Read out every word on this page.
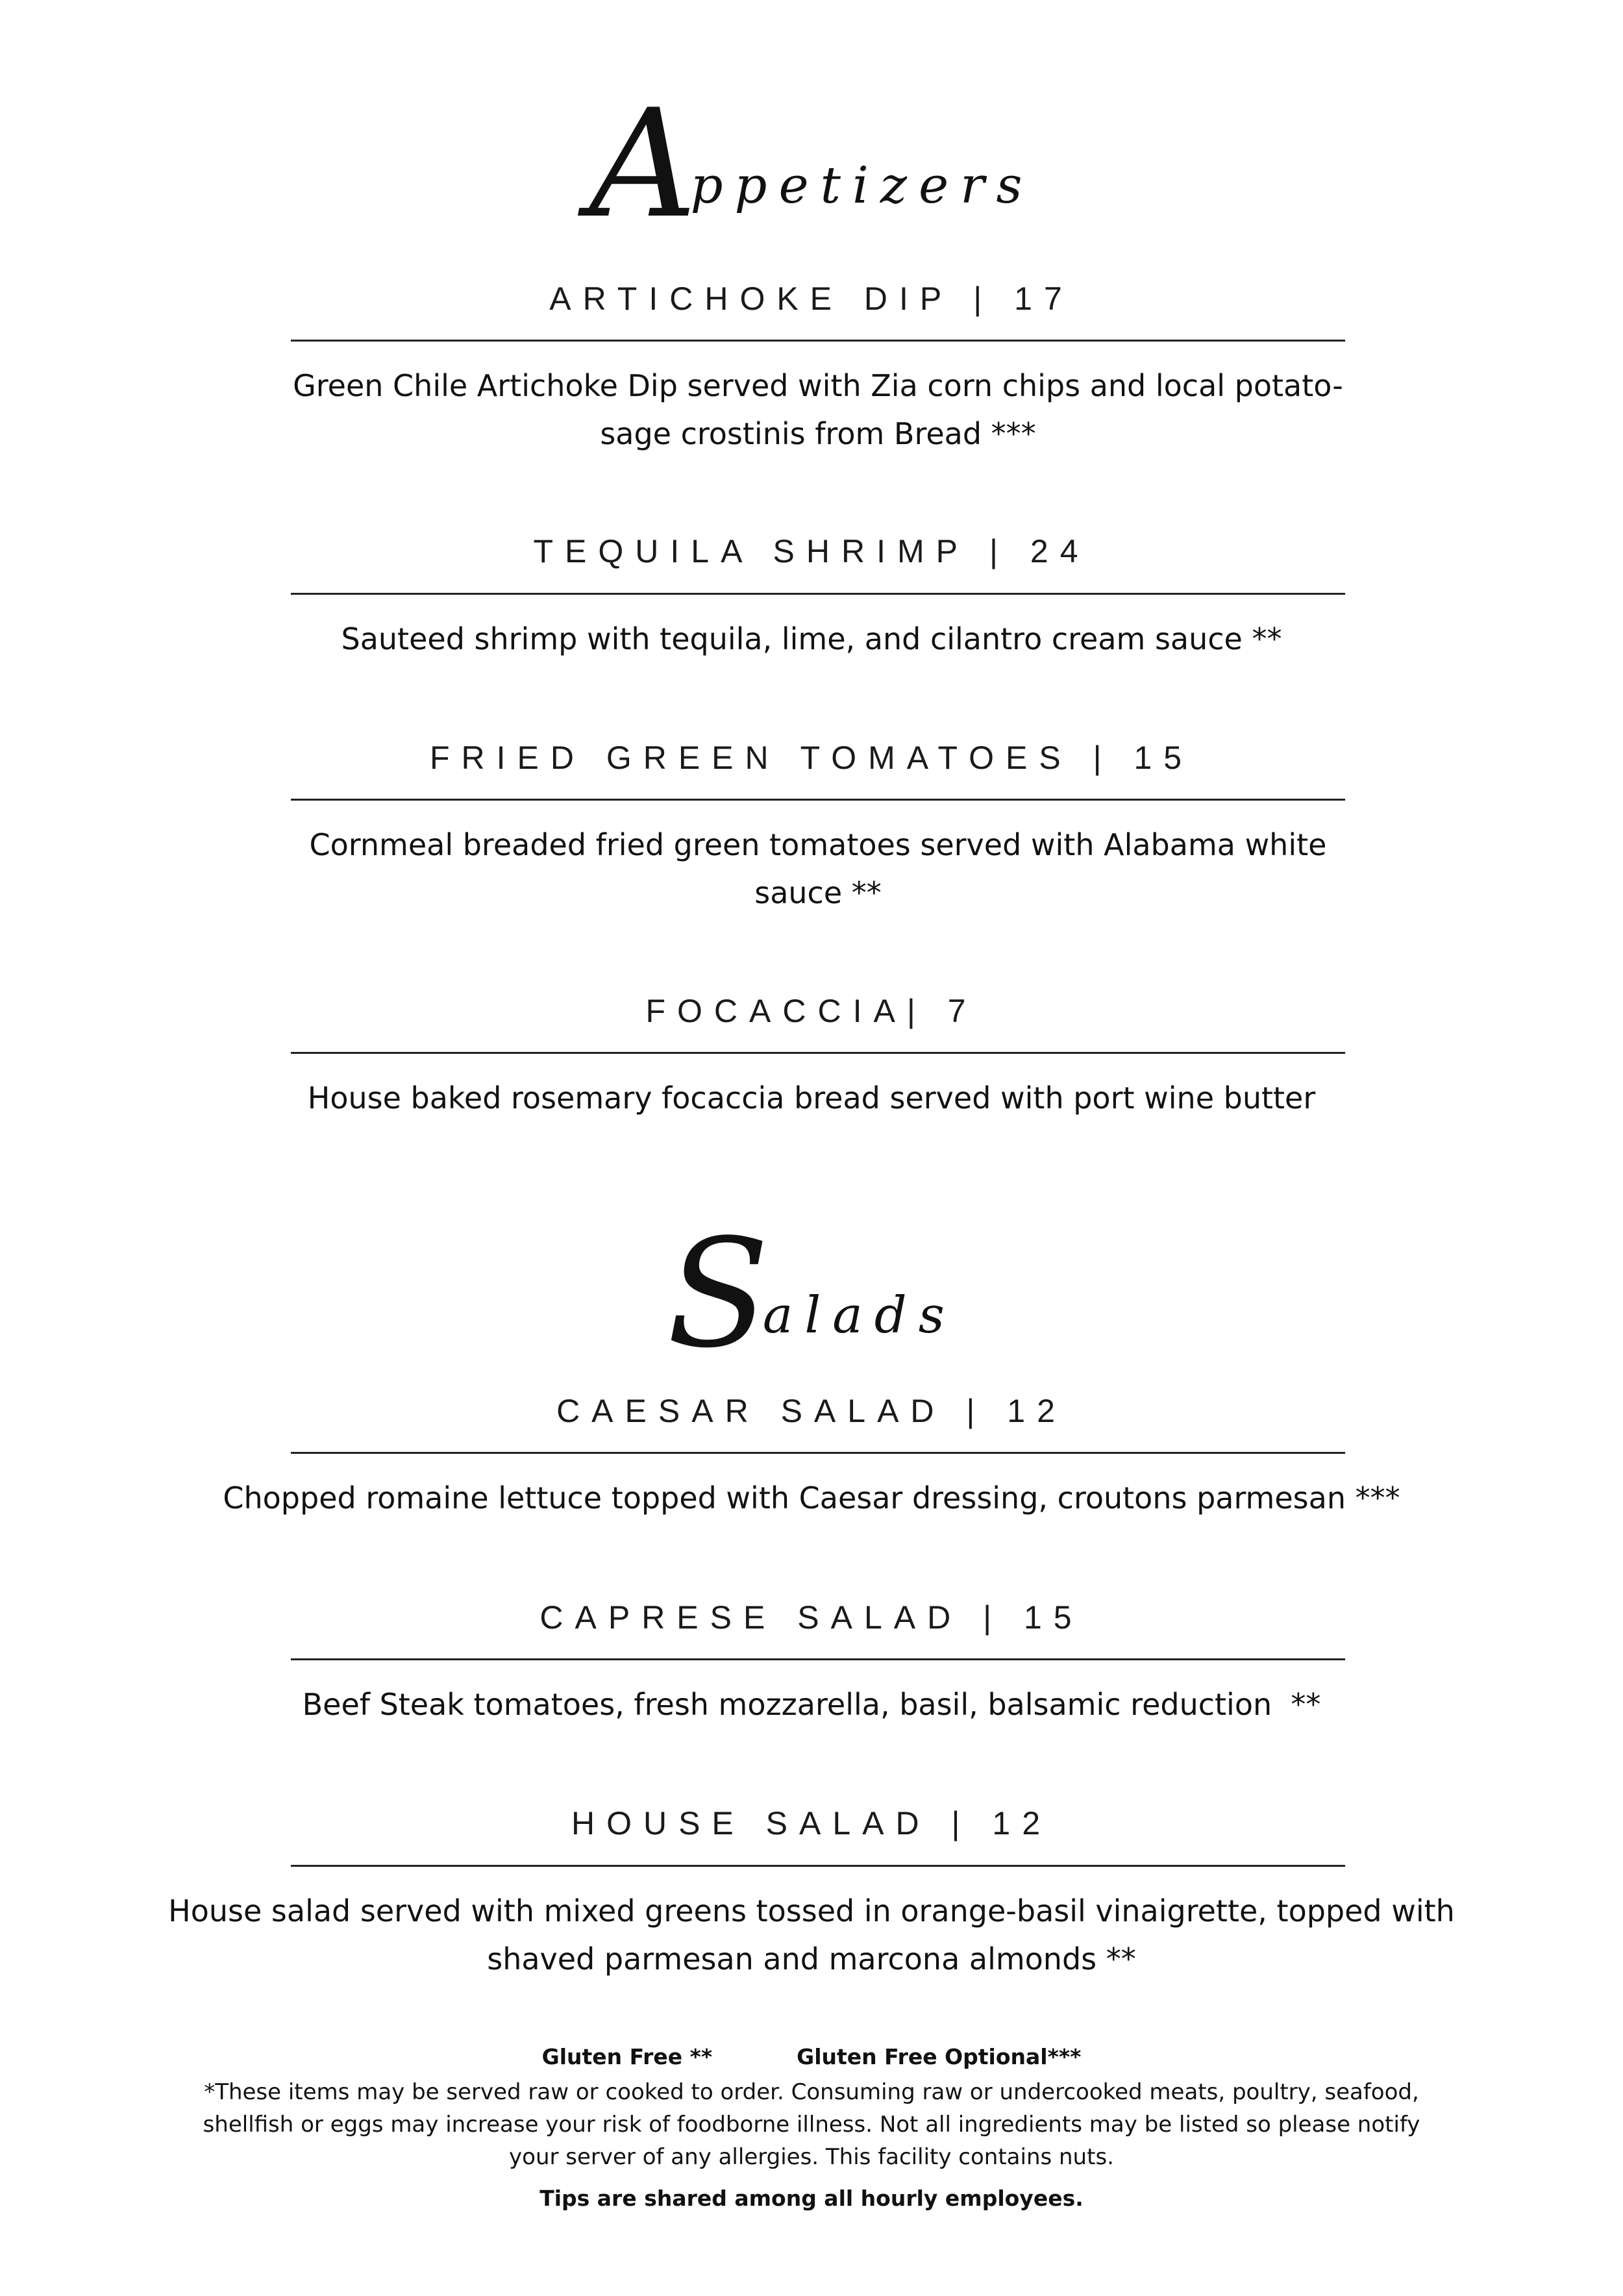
Appetizers
ARTICHOKE DIP | 17
Green Chile Artichoke Dip served with Zia corn chips and local potato-sage crostinis from Bread ***
TEQUILA SHRIMP | 24
Sauteed shrimp with tequila, lime, and cilantro cream sauce **
FRIED GREEN TOMATOES | 15
Cornmeal breaded fried green tomatoes served with Alabama white sauce **
FOCACCIA| 7
House baked rosemary focaccia bread served with port wine butter
Salads
CAESAR SALAD | 12
Chopped romaine lettuce topped with Caesar dressing, croutons parmesan ***
CAPRESE SALAD | 15
Beef Steak tomatoes, fresh mozzarella, basil, balsamic reduction  **
HOUSE SALAD | 12
House salad served with mixed greens tossed in orange-basil vinaigrette, topped with shaved parmesan and marcona almonds **
Gluten Free **	Gluten Free Optional***
*These items may be served raw or cooked to order. Consuming raw or undercooked meats, poultry, seafood, shellfish or eggs may increase your risk of foodborne illness. Not all ingredients may be listed so please notify your server of any allergies. This facility contains nuts.
Tips are shared among all hourly employees.
